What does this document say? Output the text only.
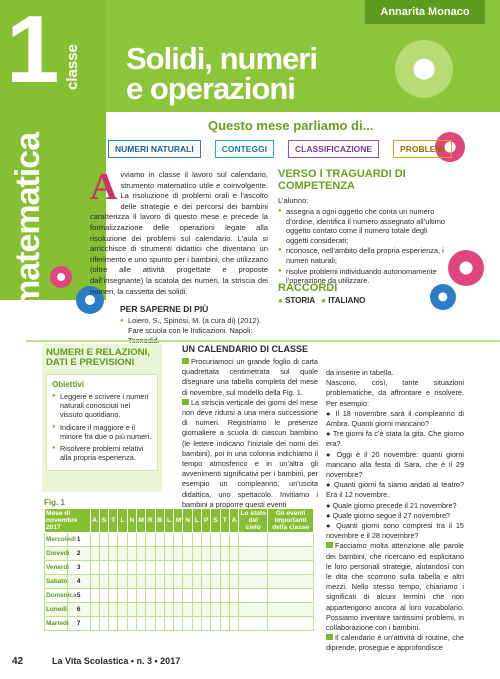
Annarita Monaco
1 classe
matematica
Solidi, numeri
e operazioni
Questo mese parliamo di...
NUMERI NATURALI	CONTEGGI	CLASSIFICAZIONE	PROBLEMI
A vviamo in classe il lavoro sul calendario, strumento matematico utile e coinvolgente. La risoluzione di problemi orali e l’ascolto delle strategie e dei percorsi dei bambini caratterizza il lavoro di questo mese e precede la formalizzazione delle operazioni legate alla risoluzione dei problemi sul calendario. L’aula si arricchisce di strumenti didattici che diventano un riferimento e uno spunto per i bambini, che utilizzano (oltre alle attività progettate e proposte dall’insegnante) la scatola dei numeri, la striscia dei numeri, la cassetta dei solidi.
PER SAPERNE DI PIÙ
● Loiero, S., Spinosi, M. (a cura di) (2012). Fare scuola con le Indicazioni. Napoli:
VERSO I TRAGUARDI DI COMPETENZA
L’alunno:
● assegna a ogni oggetto che conta un numero d’ordine, identifica il numero assegnato all’ultimo oggetto contato come il numero totale degli oggetti considerati;
● riconosce, nell’ambito della propria esperienza, i numeri naturali;
● risolve problemi individuando autonomamente l’operazione da utilizzare.
RACCORDI
● STORIA	● ITALIANO
NUMERI E RELAZIONI, DATI E PREVISIONI
Obiettivi
● Leggere e scrivere i numeri naturali conosciuti nel vissuto quotidiano.
● Indicare il maggiore e il minore fra due o più numeri.
● Risolvere problemi relativi alla propria esperienza.
UN CALENDARIO DI CLASSE

Procuriamoci un grande foglio di carta quadrettata centimetrata sul quale disegnare una tabella completa del mese di novembre, sul modello della Fig. 1.

La striscia verticale dei giorni del mese non deve ridursi a una mera successione di numeri. Registriamo le presenze giornaliere a scuola di ciascun bambino (le lettere indicano l’iniziale dei nomi dei bambini), poi in una colonna indichiamo il tempo atmosferico e in un’altra gli avvenimenti significativi per i bambini, per esempio un compleanno, un’uscita didattica, uno spettacolo. Invitiamo i bambini a proporre questi eventi

da inserire in tabella.

Nascono, così, tante situazioni problematiche, da affrontare e risolvere. Per esempio:

● Il 18 novembre sarà il compleanno di Ambra. Quanti giorni mancano?

● Tre giorni fa c’è stata la gita. Che giorno era?

● Oggi è il 20 novembre: quanti giorni mancano alla festa di Sara, che è il 29 novembre?

● Quanti giorni fa siamo andati al teatro? Era il 12 novembre.

● Quale giorno precede il 21 novembre?

● Quale giorno segue il 27 novembre?

● Quanti giorni sono compresi tra il 15 novembre e il 28 novembre?

Facciamo molta attenzione alle parole dei bambini, che ricercano ed esplicitano le loro personali strategie, aiutandosi con le dita che scorrono sulla tabella e altri mezzi. Nello stesso tempo, chiariamo i significati di alcuni termini che non appartengono ancora al loro vocabolario. Possiamo inventare tantissimi problemi, in collaborazione con i bambini.

Il calendario è un’attività di routine, che diprende, prosegue e approfondisce

Fig. 1
Mese di novembre 2017		A	S	T	L	N	M	R	B	L	M	N	L	P	S	T	A	Lo stato del cielo	Gli eventi importanti della classe
Mercoledì	1																		
Giovedì	2																		
Venerdì	3																		
Sabato	4																		
Domenica	5																		
Lunedì	6																		
Martedì	7																		
42	La Vita Scolastica • n. 3 • 2017
